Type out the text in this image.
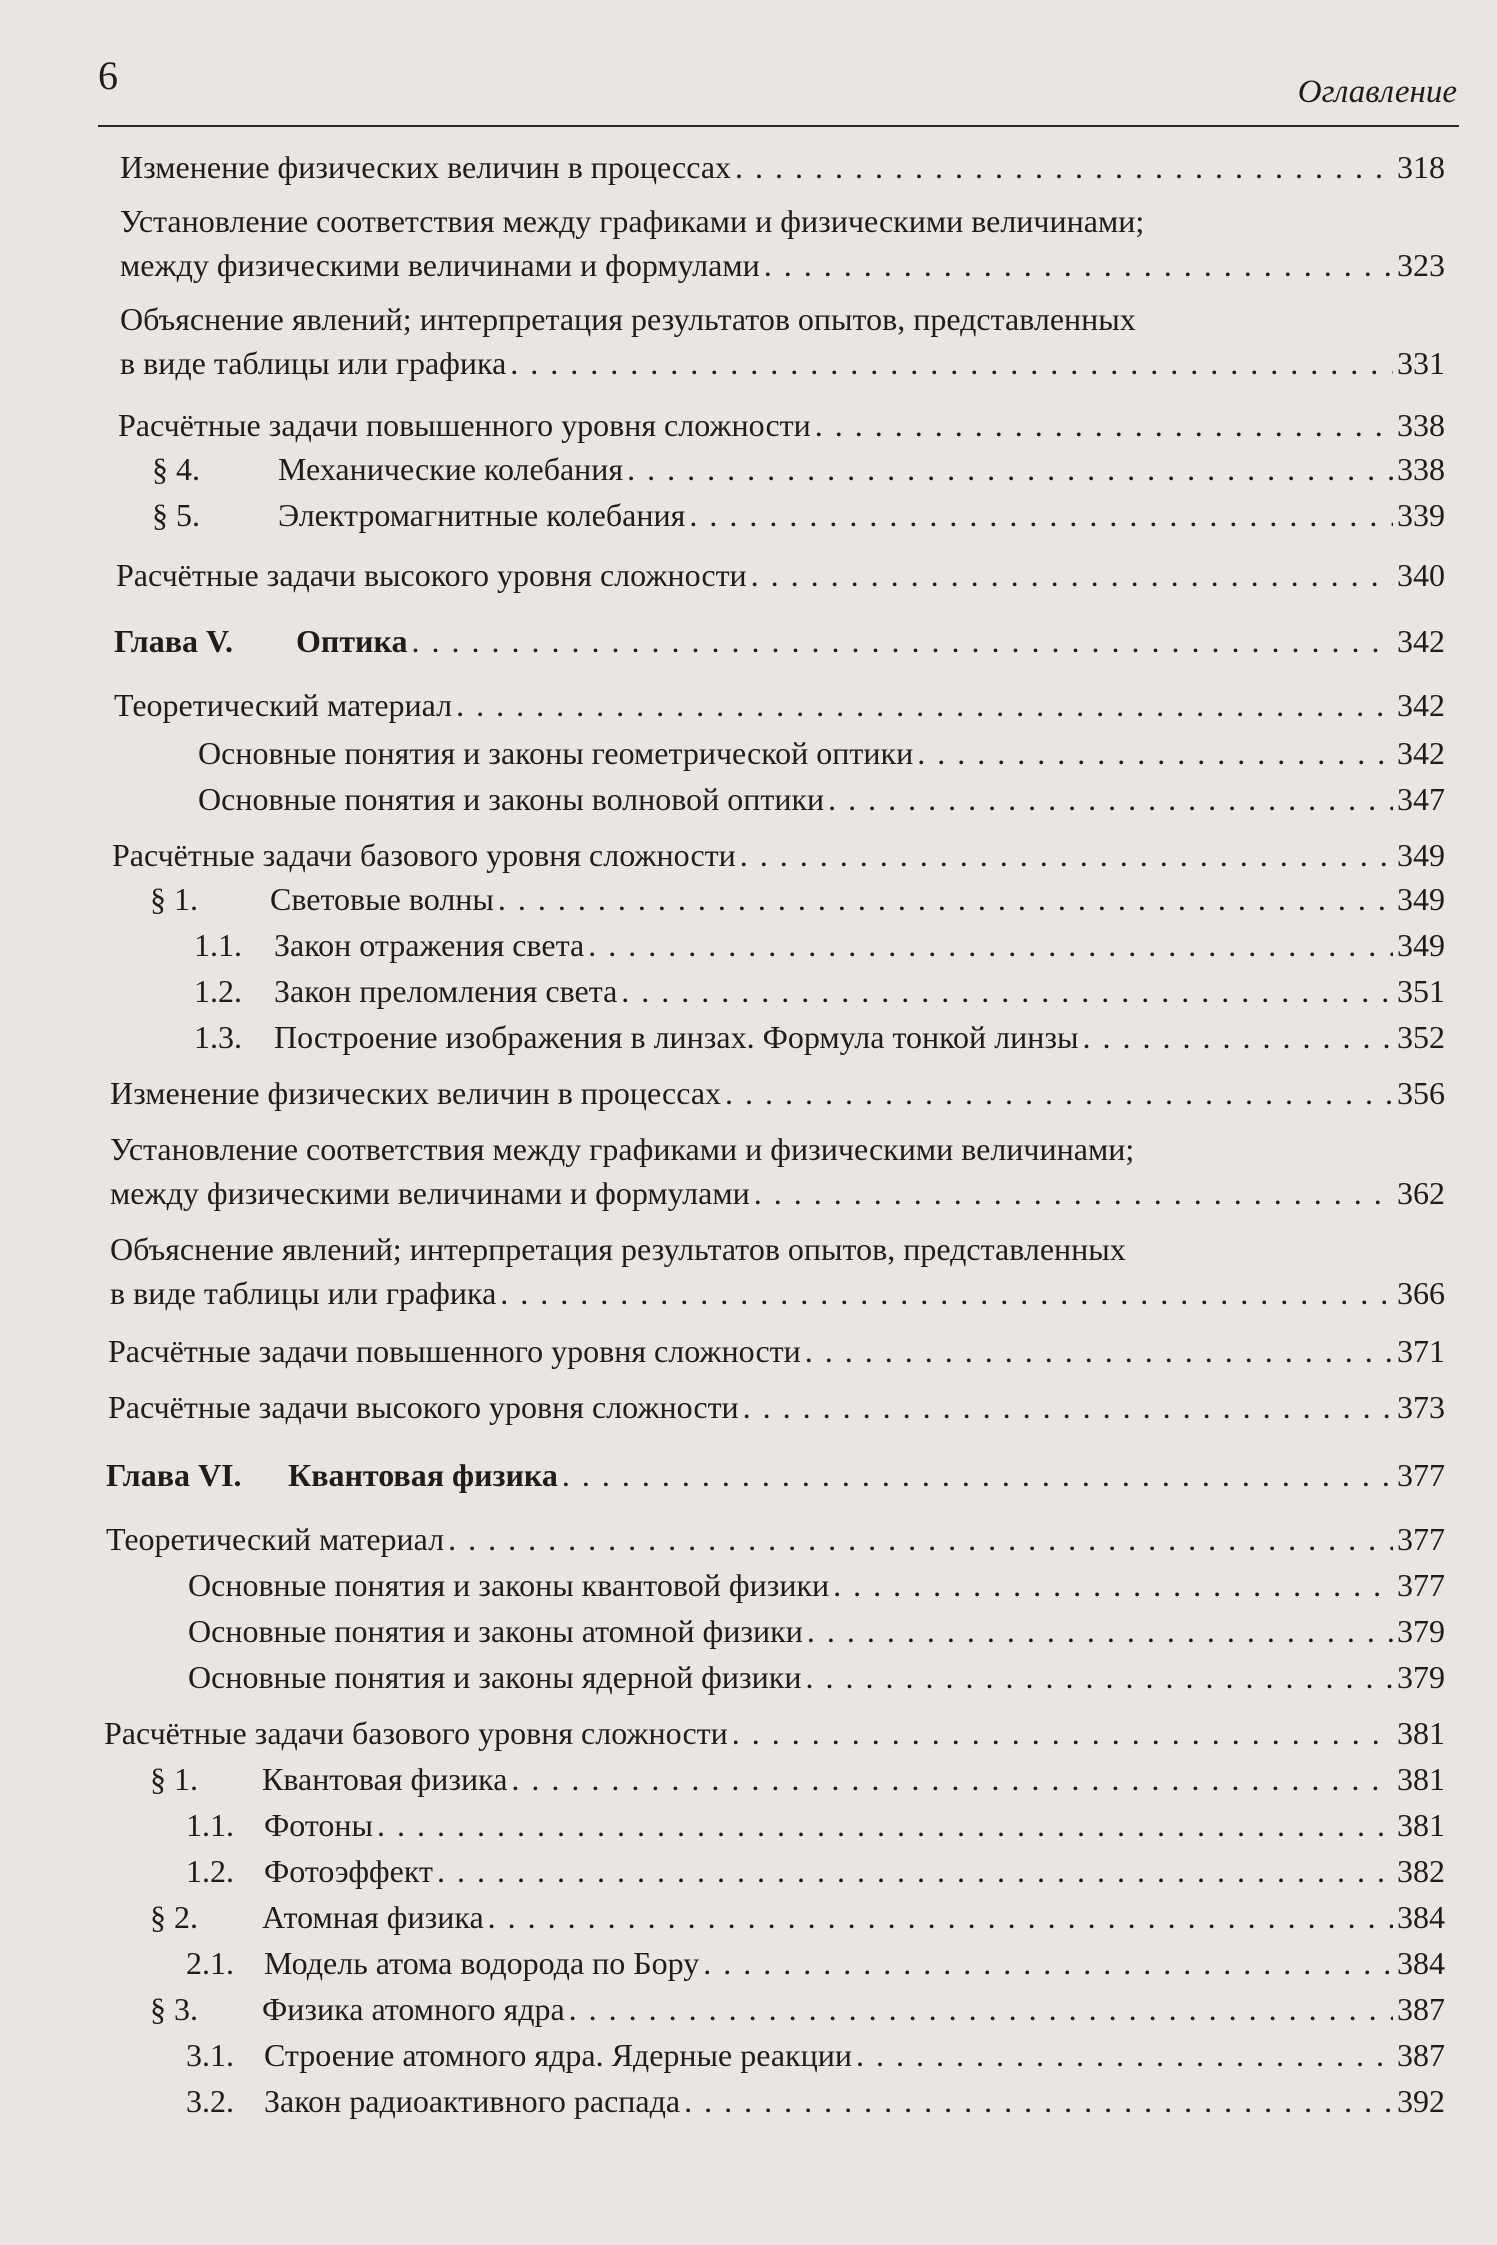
6	Оглавление
Изменение физических величин в процессах . . .	318
Установление соответствия между графиками и физическими величинами;
между физическими величинами и формулами . . .	323
Объяснение явлений; интерпретация результатов опытов, представленных
в виде таблицы или графика . . .	331
Расчётные задачи повышенного уровня сложности . . .	338
§ 4.	Механические колебания . . .	338
§ 5.	Электромагнитные колебания . . .	339
Расчётные задачи высокого уровня сложности . . .	340
Глава V.	Оптика . . .	342
Теоретический материал . . .	342
Основные понятия и законы геометрической оптики . . .	342
Основные понятия и законы волновой оптики . . .	347
Расчётные задачи базового уровня сложности . . .	349
§ 1.	Световые волны . . .	349
1.1.	Закон отражения света . . .	349
1.2.	Закон преломления света . . .	351
1.3.	Построение изображения в линзах. Формула тонкой линзы . . .	352
Изменение физических величин в процессах . . .	356
Установление соответствия между графиками и физическими величинами;
между физическими величинами и формулами . . .	362
Объяснение явлений; интерпретация результатов опытов, представленных
в виде таблицы или графика . . .	366
Расчётные задачи повышенного уровня сложности . . .	371
Расчётные задачи высокого уровня сложности . . .	373
Глава VI.	Квантовая физика . . .	377
Теоретический материал . . .	377
Основные понятия и законы квантовой физики . . .	377
Основные понятия и законы атомной физики . . .	379
Основные понятия и законы ядерной физики . . .	379
Расчётные задачи базового уровня сложности . . .	381
§ 1.	Квантовая физика . . .	381
1.1. Фотоны . . .	381
1.2. Фотоэффект . . .	382
§ 2.	Атомная физика . . .	384
2.1. Модель атома водорода по Бору . . .	384
§ 3.	Физика атомного ядра . . .	387
3.1. Строение атомного ядра. Ядерные реакции . . .	387
3.2. Закон радиоактивного распада . . .	392
